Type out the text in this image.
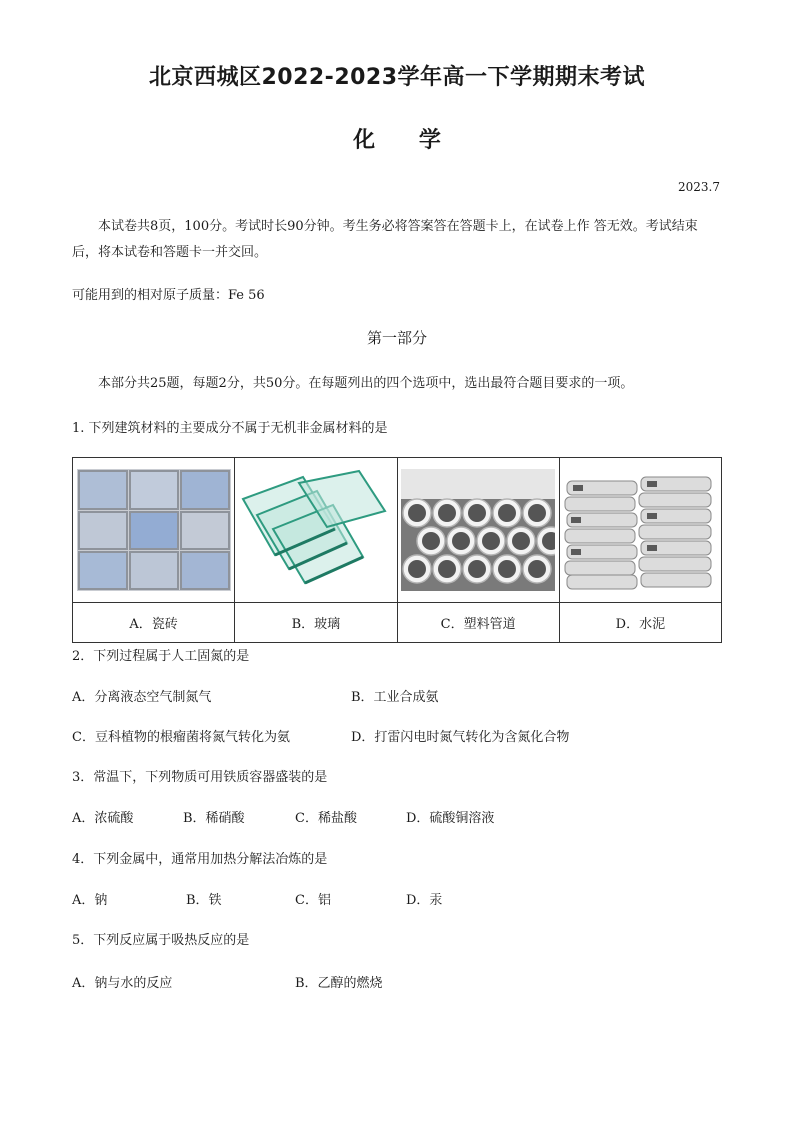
北京西城区2022-2023学年高一下学期期末考试
化 学
2023.7
本试卷共8页，100分。考试时长90分钟。考生务必将答案答在答题卡上，在试卷上作 答无效。考试结束后，将本试卷和答题卡一并交回。
可能用到的相对原子质量：Fe 56
第一部分
本部分共25题，每题2分，共50分。在每题列出的四个选项中，选出最符合题目要求的一项。
1. 下列建筑材料的主要成分不属于无机非金属材料的是

A．瓷砖	B．玻璃	C．塑料管道	D．水泥
2．下列过程属于人工固氮的是
A．分离液态空气制氮气	B．工业合成氨
C．豆科植物的根瘤菌将氮气转化为氨	D．打雷闪电时氮气转化为含氮化合物
3．常温下，下列物质可用铁质容器盛装的是
A．浓硫酸	B．稀硝酸	C．稀盐酸	D．硫酸铜溶液
4．下列金属中，通常用加热分解法冶炼的是
A．钠	B．铁	C．铝	D．汞
5．下列反应属于吸热反应的是
A．钠与水的反应	B．乙醇的燃烧
